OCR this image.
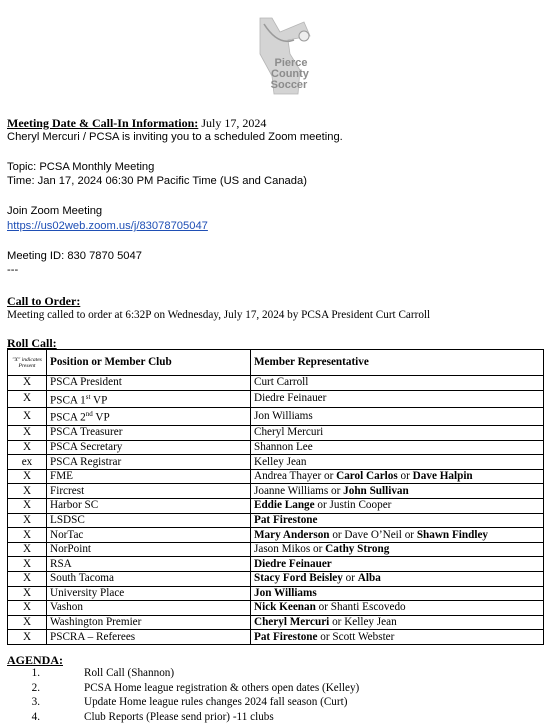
Pierce
County
Soccer
Meeting Date & Call-In Information: July 17, 2024
Cheryl Mercuri / PCSA is inviting you to a scheduled Zoom meeting.
Topic: PCSA Monthly Meeting
Time: Jan 17, 2024 06:30 PM Pacific Time (US and Canada)
Join Zoom Meeting
https://us02web.zoom.us/j/83078705047
Meeting ID: 830 7870 5047
---
Call to Order:
Meeting called to order at 6:32P on Wednesday, July 17, 2024 by PCSA President Curt Carroll
Roll Call:
"X" indicates Present	Position or Member Club	Member Representative
X	PSCA President	Curt Carroll
X	PSCA 1st VP	Diedre Feinauer
X	PSCA 2nd VP	Jon Williams
X	PSCA Treasurer	Cheryl Mercuri
X	PSCA Secretary	Shannon Lee
ex	PSCA Registrar	Kelley Jean
X	FME	Andrea Thayer or Carol Carlos or Dave Halpin
X	Fircrest	Joanne Williams or John Sullivan
X	Harbor SC	Eddie Lange or Justin Cooper
X	LSDSC	Pat Firestone
X	NorTac	Mary Anderson or Dave O’Neil or Shawn Findley
X	NorPoint	Jason Mikos or Cathy Strong
X	RSA	Diedre Feinauer
X	South Tacoma	Stacy Ford Beisley or Alba
X	University Place	Jon Williams
X	Vashon	Nick Keenan or Shanti Escovedo
X	Washington Premier	Cheryl Mercuri or Kelley Jean
X	PSCRA – Referees	Pat Firestone or Scott Webster
AGENDA:
1.	Roll Call (Shannon)
2.	PCSA Home league registration & others open dates (Kelley)
3.	Update Home league rules changes 2024 fall season (Curt)
4.	Club Reports (Please send prior) -11 clubs
